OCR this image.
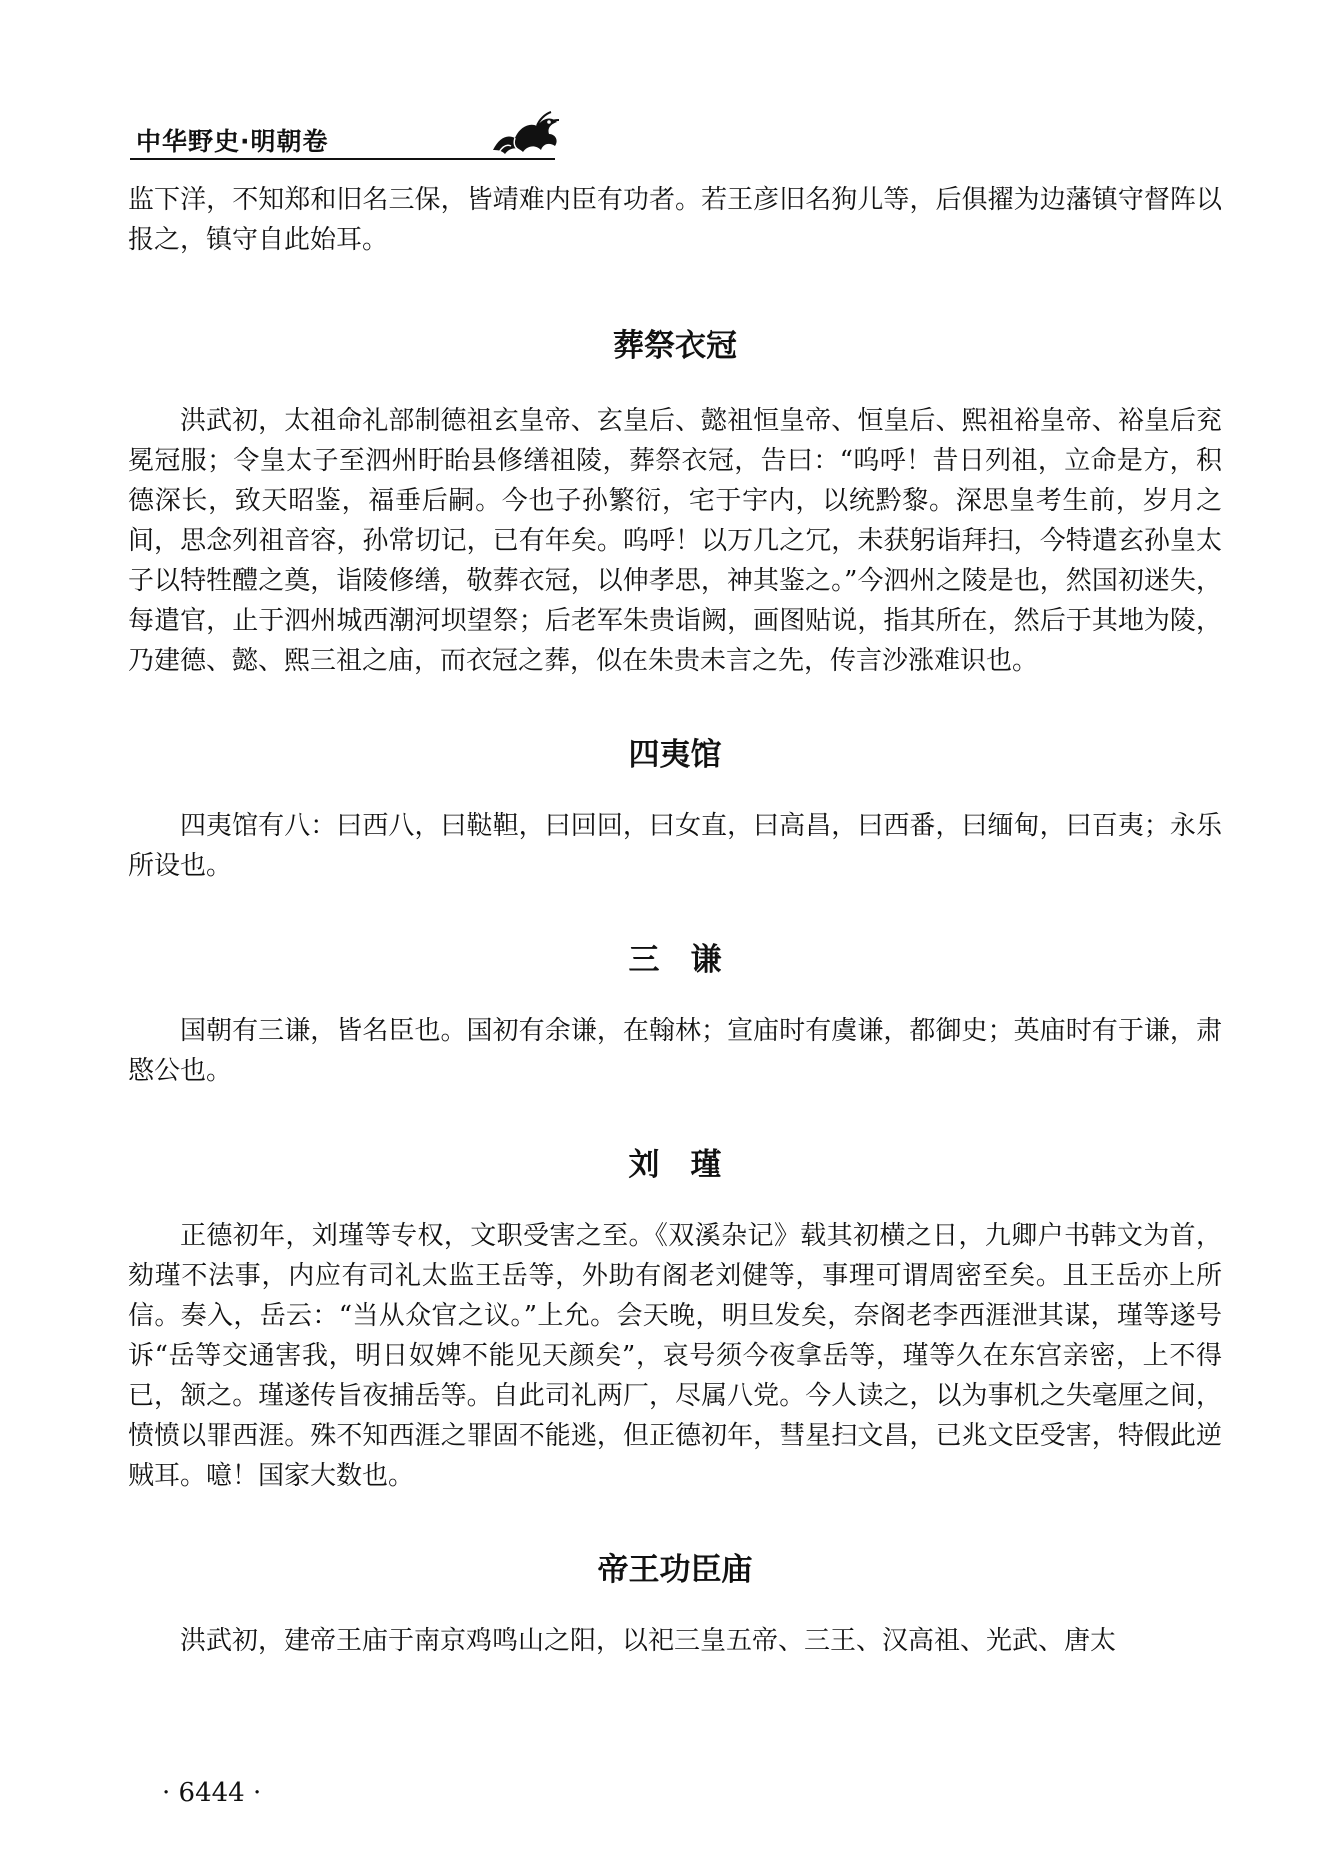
中华野史·明朝卷

监下洋，不知郑和旧名三保，皆靖难内臣有功者。若王彦旧名狗儿等，后俱擢为边藩镇守督阵以报之，镇守自此始耳。

葬祭衣冠

洪武初，太祖命礼部制德祖玄皇帝、玄皇后、懿祖恒皇帝、恒皇后、熙祖裕皇帝、裕皇后兖冕冠服；令皇太子至泗州盱眙县修缮祖陵，葬祭衣冠，告曰：“呜呼！昔日列祖，立命是方，积德深长，致天昭鉴，福垂后嗣。今也子孙繁衍，宅于宇内，以统黔黎。深思皇考生前，岁月之间，思念列祖音容，孙常切记，已有年矣。呜呼！以万几之冗，未获躬诣拜扫，今特遣玄孙皇太子以特牲醴之奠，诣陵修缮，敬葬衣冠，以伸孝思，神其鉴之。”今泗州之陵是也，然国初迷失，每遣官，止于泗州城西潮河坝望祭；后老军朱贵诣阙，画图贴说，指其所在，然后于其地为陵，乃建德、懿、熙三祖之庙，而衣冠之葬，似在朱贵未言之先，传言沙涨难识也。

四夷馆

四夷馆有八：曰西八，曰鞑靼，曰回回，曰女直，曰高昌，曰西番，曰缅甸，曰百夷；永乐所设也。

三　谦

国朝有三谦，皆名臣也。国初有余谦，在翰林；宣庙时有虞谦，都御史；英庙时有于谦，肃愍公也。

刘　瑾

正德初年，刘瑾等专权，文职受害之至。《双溪杂记》载其初横之日，九卿户书韩文为首，劾瑾不法事，内应有司礼太监王岳等，外助有阁老刘健等，事理可谓周密至矣。且王岳亦上所信。奏入，岳云：“当从众官之议。”上允。会天晚，明旦发矣，奈阁老李西涯泄其谋，瑾等遂号诉“岳等交通害我，明日奴婢不能见天颜矣”，哀号须今夜拿岳等，瑾等久在东宫亲密，上不得已，颔之。瑾遂传旨夜捕岳等。自此司礼两厂，尽属八党。今人读之，以为事机之失毫厘之间，愤愤以罪西涯。殊不知西涯之罪固不能逃，但正德初年，彗星扫文昌，已兆文臣受害，特假此逆贼耳。噫！国家大数也。

帝王功臣庙

洪武初，建帝王庙于南京鸡鸣山之阳，以祀三皇五帝、三王、汉高祖、光武、唐太

· 6444 ·
